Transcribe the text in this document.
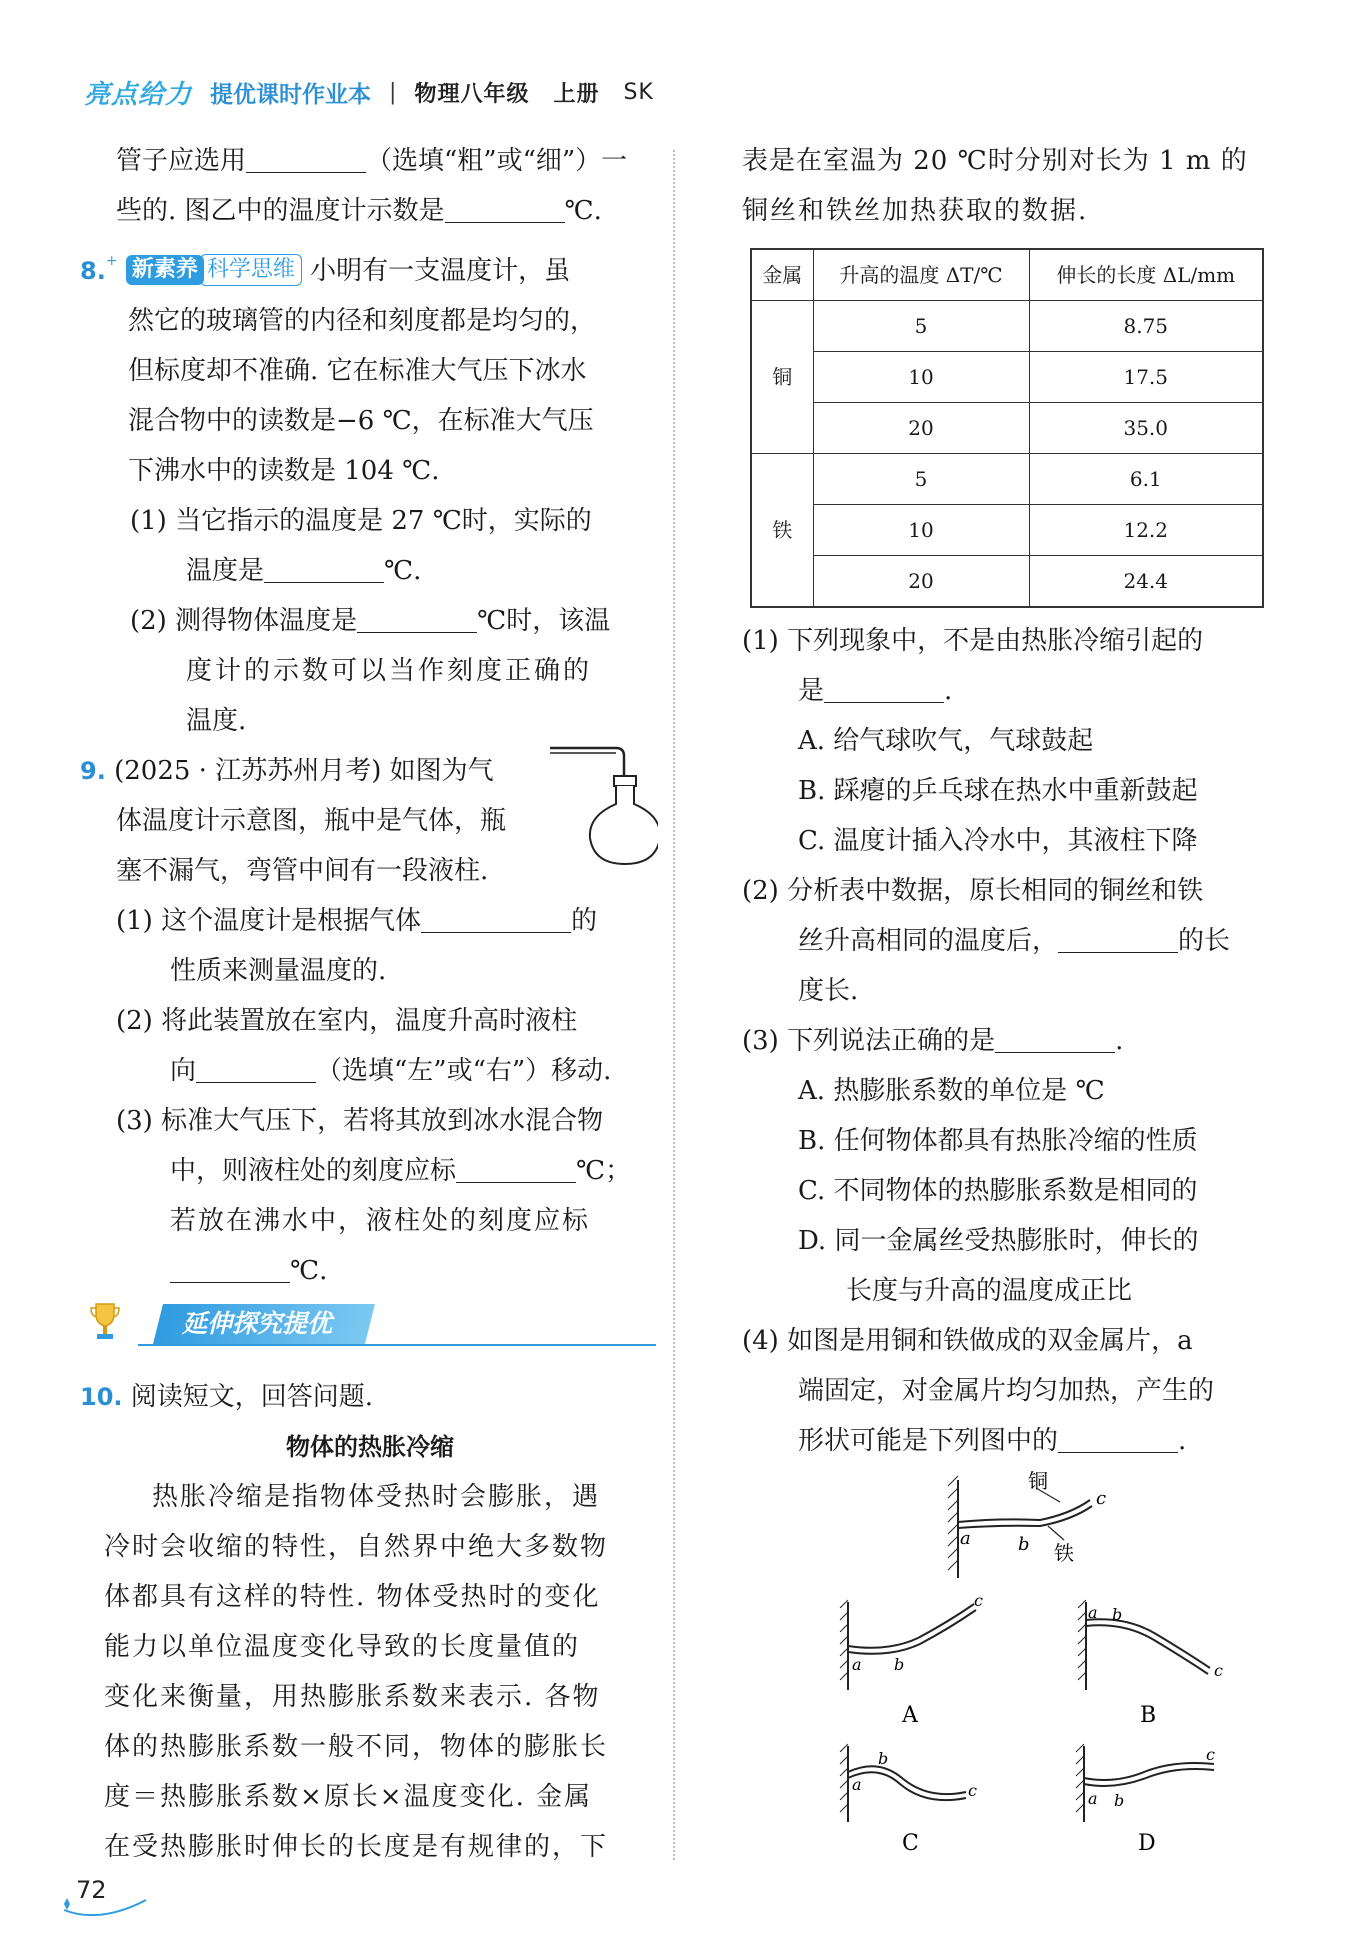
亮点给力 提优课时作业本 | 物理八年级 上册 SK
管子应选用	（选填“粗”或“细”）一
些的. 图乙中的温度计示数是	℃.
8.+ 新素养 科学思维 小明有一支温度计，虽
然它的玻璃管的内径和刻度都是均匀的，
但标度却不准确. 它在标准大气压下冰水
混合物中的读数是−6 ℃，在标准大气压
下沸水中的读数是 104 ℃.
(1) 当它指示的温度是 27 ℃时，实际的
温度是	℃.
(2) 测得物体温度是	℃时，该温
度计的示数可以当作刻度正确的
温度.
9. (2025 · 江苏苏州月考) 如图为气
体温度计示意图，瓶中是气体，瓶
塞不漏气，弯管中间有一段液柱.
(1) 这个温度计是根据气体	的
性质来测量温度的.
(2) 将此装置放在室内，温度升高时液柱
向	（选填“左”或“右”）移动.
(3) 标准大气压下，若将其放到冰水混合物
中，则液柱处的刻度应标	℃；
若放在沸水中，液柱处的刻度应标
℃.
延伸探究提优
10. 阅读短文，回答问题.
物体的热胀冷缩
热胀冷缩是指物体受热时会膨胀，遇
冷时会收缩的特性，自然界中绝大多数物
体都具有这样的特性. 物体受热时的变化
能力以单位温度变化导致的长度量值的
变化来衡量，用热膨胀系数来表示. 各物
体的热膨胀系数一般不同，物体的膨胀长
度＝热膨胀系数×原长×温度变化. 金属
在受热膨胀时伸长的长度是有规律的，下
表是在室温为 20 ℃时分别对长为 1 m 的
铜丝和铁丝加热获取的数据.
金属	升高的温度 ΔT/℃	伸长的长度 ΔL/mm
铜	5	8.75
	10	17.5
	20	35.0
铁	5	6.1
	10	12.2
	20	24.4
(1) 下列现象中，不是由热胀冷缩引起的
是	.
A. 给气球吹气，气球鼓起
B. 踩瘪的乒乓球在热水中重新鼓起
C. 温度计插入冷水中，其液柱下降
(2) 分析表中数据，原长相同的铜丝和铁
丝升高相同的温度后，	的长
度长.
(3) 下列说法正确的是	.
A. 热膨胀系数的单位是 ℃
B. 任何物体都具有热胀冷缩的性质
C. 不同物体的热膨胀系数是相同的
D. 同一金属丝受热膨胀时，伸长的
长度与升高的温度成正比
(4) 如图是用铜和铁做成的双金属片，a
端固定，对金属片均匀加热，产生的
形状可能是下列图中的	.
铜
铁
a	b
c
a b
c
A
a b
c
B
a
b
c
C
a b
c
D
72
